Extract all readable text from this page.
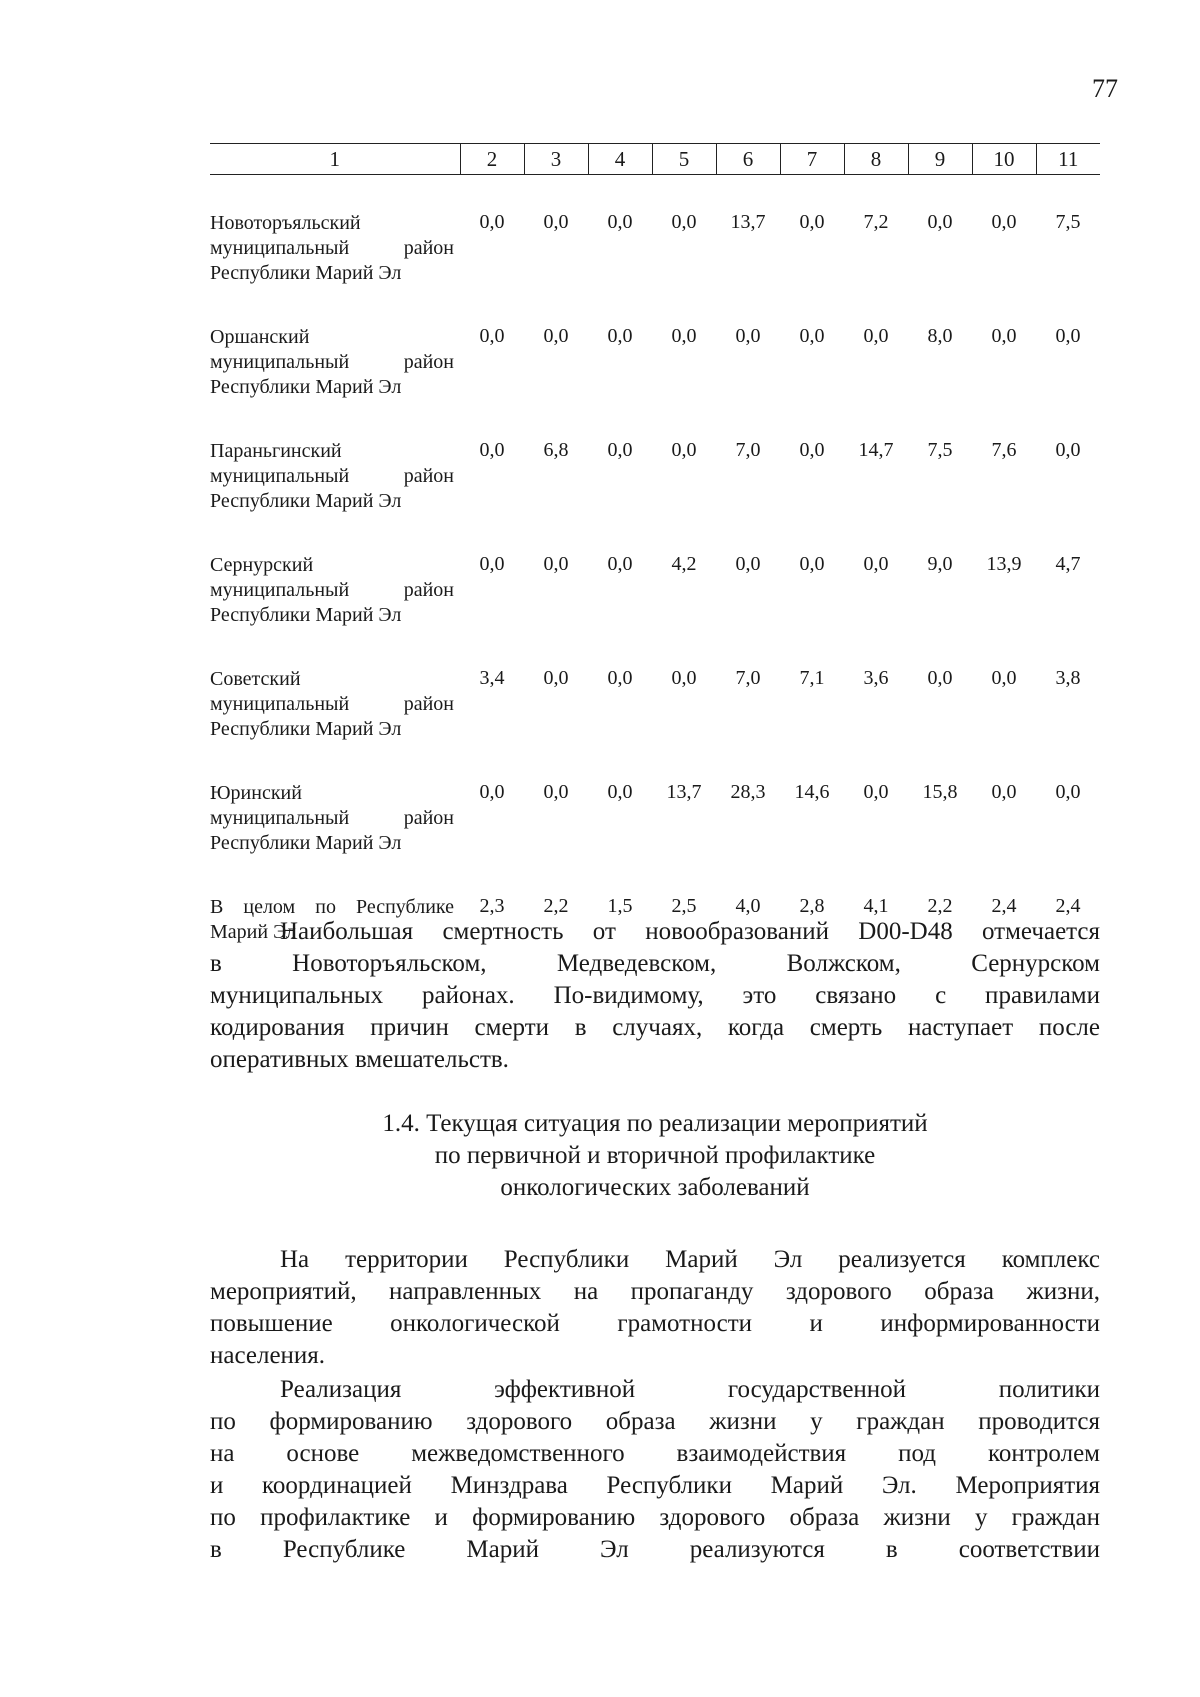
77
1	2	3	4	5	6	7	8	9	10	11

Новоторъяльский
муниципальный район
Республики Марий Эл	0,0	0,0	0,0	0,0	13,7	0,0	7,2	0,0	0,0	7,5

Оршанский
муниципальный район
Республики Марий Эл	0,0	0,0	0,0	0,0	0,0	0,0	0,0	8,0	0,0	0,0

Параньгинский
муниципальный район
Республики Марий Эл	0,0	6,8	0,0	0,0	7,0	0,0	14,7	7,5	7,6	0,0

Сернурский
муниципальный район
Республики Марий Эл	0,0	0,0	0,0	4,2	0,0	0,0	0,0	9,0	13,9	4,7

Советский
муниципальный район
Республики Марий Эл	3,4	0,0	0,0	0,0	7,0	7,1	3,6	0,0	0,0	3,8

Юринский
муниципальный район
Республики Марий Эл	0,0	0,0	0,0	13,7	28,3	14,6	0,0	15,8	0,0	0,0

В целом по Республике
Марий Эл	2,3	2,2	1,5	2,5	4,0	2,8	4,1	2,2	2,4	2,4

Наибольшая смертность от новообразований D00-D48 отмечается
в Новоторъяльском, Медведевском, Волжском, Сернурском
муниципальных районах. По-видимому, это связано с правилами
кодирования причин смерти в случаях, когда смерть наступает после
оперативных вмешательств.

1.4. Текущая ситуация по реализации мероприятий
по первичной и вторичной профилактике
онкологических заболеваний

На территории Республики Марий Эл реализуется комплекс
мероприятий, направленных на пропаганду здорового образа жизни,
повышение онкологической грамотности и информированности
населения.

Реализация эффективной государственной политики
по формированию здорового образа жизни у граждан проводится
на основе межведомственного взаимодействия под контролем
и координацией Минздрава Республики Марий Эл. Мероприятия
по профилактике и формированию здорового образа жизни у граждан
в Республике Марий Эл реализуются в соответствии
